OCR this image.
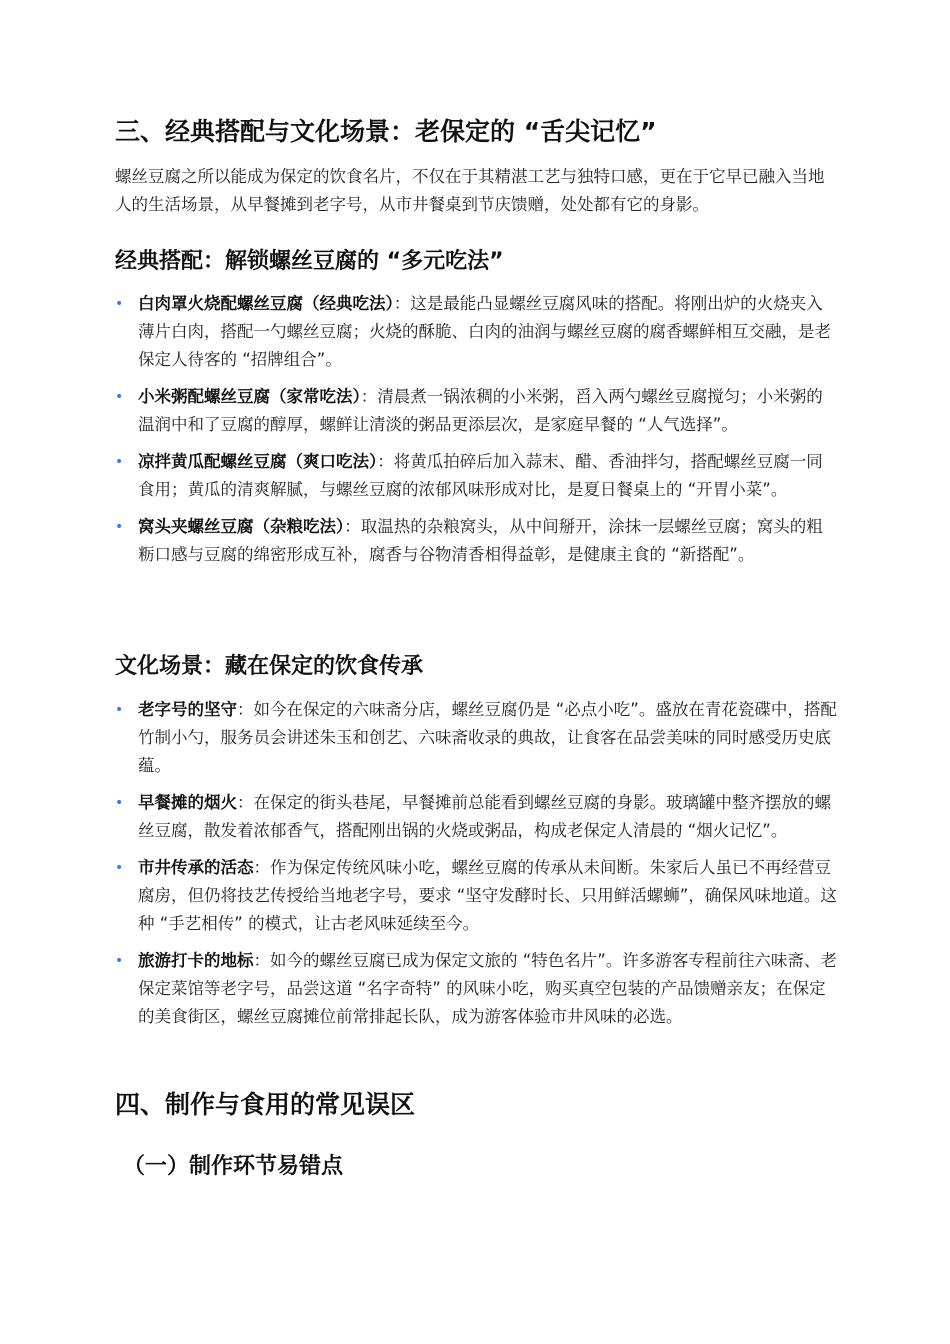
三、经典搭配与文化场景：老保定的 “舌尖记忆”
螺丝豆腐之所以能成为保定的饮食名片，不仅在于其精湛工艺与独特口感，更在于它早已融入当地人的生活场景，从早餐摊到老字号，从市井餐桌到节庆馈赠，处处都有它的身影。
经典搭配：解锁螺丝豆腐的 “多元吃法”
• 白肉罩火烧配螺丝豆腐（经典吃法）：这是最能凸显螺丝豆腐风味的搭配。将刚出炉的火烧夹入薄片白肉，搭配一勺螺丝豆腐；火烧的酥脆、白肉的油润与螺丝豆腐的腐香螺鲜相互交融，是老保定人待客的 “招牌组合”。
• 小米粥配螺丝豆腐（家常吃法）：清晨煮一锅浓稠的小米粥，舀入两勺螺丝豆腐搅匀；小米粥的温润中和了豆腐的醇厚，螺鲜让清淡的粥品更添层次，是家庭早餐的 “人气选择”。
• 凉拌黄瓜配螺丝豆腐（爽口吃法）：将黄瓜拍碎后加入蒜末、醋、香油拌匀，搭配螺丝豆腐一同食用；黄瓜的清爽解腻，与螺丝豆腐的浓郁风味形成对比，是夏日餐桌上的 “开胃小菜”。
• 窝头夹螺丝豆腐（杂粮吃法）：取温热的杂粮窝头，从中间掰开，涂抹一层螺丝豆腐；窝头的粗粝口感与豆腐的绵密形成互补，腐香与谷物清香相得益彰，是健康主食的 “新搭配”。
文化场景：藏在保定的饮食传承
• 老字号的坚守：如今在保定的六味斋分店，螺丝豆腐仍是 “必点小吃”。盛放在青花瓷碟中，搭配竹制小勺，服务员会讲述朱玉和创艺、六味斋收录的典故，让食客在品尝美味的同时感受历史底蕴。
• 早餐摊的烟火：在保定的街头巷尾，早餐摊前总能看到螺丝豆腐的身影。玻璃罐中整齐摆放的螺丝豆腐，散发着浓郁香气，搭配刚出锅的火烧或粥品，构成老保定人清晨的 “烟火记忆”。
• 市井传承的活态：作为保定传统风味小吃，螺丝豆腐的传承从未间断。朱家后人虽已不再经营豆腐房，但仍将技艺传授给当地老字号，要求 “坚守发酵时长、只用鲜活螺蛳”，确保风味地道。这种 “手艺相传” 的模式，让古老风味延续至今。
• 旅游打卡的地标：如今的螺丝豆腐已成为保定文旅的 “特色名片”。许多游客专程前往六味斋、老保定菜馆等老字号，品尝这道 “名字奇特” 的风味小吃，购买真空包装的产品馈赠亲友；在保定的美食街区，螺丝豆腐摊位前常排起长队，成为游客体验市井风味的必选。
四、制作与食用的常见误区
（一）制作环节易错点
